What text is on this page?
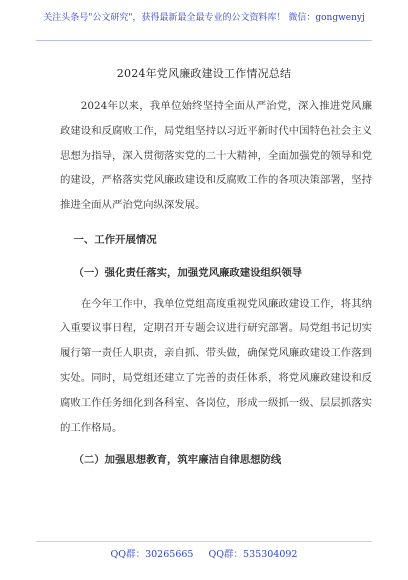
关注头条号"公文研究"，获得最新最全最专业的公文资料库！ 微信：gongwenyj
2024年党风廉政建设工作情况总结

2024年以来，我单位始终坚持全面从严治党，深入推进党风廉政建设和反腐败工作，局党组坚持以习近平新时代中国特色社会主义思想为指导，深入贯彻落实党的二十大精神，全面加强党的领导和党的建设，严格落实党风廉政建设和反腐败工作的各项决策部署，坚持推进全面从严治党向纵深发展。

一、工作开展情况

（一）强化责任落实，加强党风廉政建设组织领导

在今年工作中，我单位党组高度重视党风廉政建设工作，将其纳入重要议事日程，定期召开专题会议进行研究部署。局党组书记切实履行第一责任人职责，亲自抓、带头做，确保党风廉政建设工作落到实处。同时，局党组还建立了完善的责任体系，将党风廉政建设和反腐败工作任务细化到各科室、各岗位，形成一级抓一级、层层抓落实的工作格局。

（二）加强思想教育，筑牢廉洁自律思想防线

QQ群：30265665 QQ群：535304092
